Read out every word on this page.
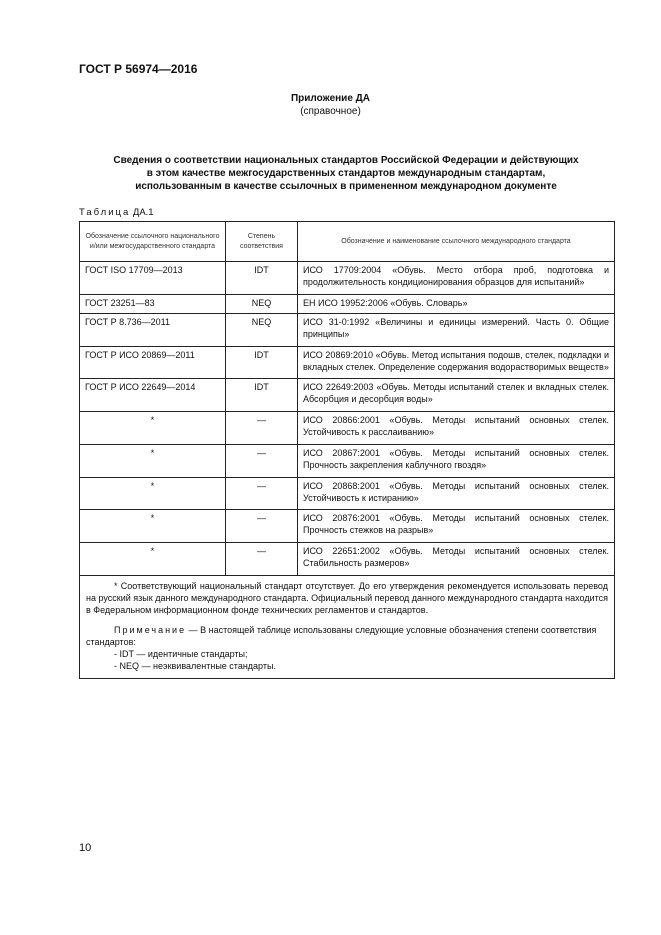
ГОСТ Р 56974—2016
Приложение ДА
(справочное)
Сведения о соответствии национальных стандартов Российской Федерации и действующих
в этом качестве межгосударственных стандартов международным стандартам,
использованным в качестве ссылочных в примененном международном документе
Таблица ДА.1
Обозначение ссылочного национального и/или межгосударственного стандарта	Степень соответствия	Обозначение и наименование ссылочного международного стандарта
ГОСТ ISO 17709—2013	IDT	ИСО 17709:2004 «Обувь. Место отбора проб, подготовка и продолжительность кондиционирования образцов для испытаний»
ГОСТ 23251—83	NEQ	ЕН ИСО 19952:2006 «Обувь. Словарь»
ГОСТ Р 8.736—2011	NEQ	ИСО 31-0:1992 «Величины и единицы измерений. Часть 0. Общие принципы»
ГОСТ Р ИСО 20869—2011	IDT	ИСО 20869:2010 «Обувь. Метод испытания подошв, стелек, подкладки и вкладных стелек. Определение содержания водорастворимых веществ»
ГОСТ Р ИСО 22649—2014	IDT	ИСО 22649:2003 «Обувь. Методы испытаний стелек и вкладных стелек. Абсорбция и десорбция воды»
*	—	ИСО 20866:2001 «Обувь. Методы испытаний основных стелек. Устойчивость к расслаиванию»
*	—	ИСО 20867:2001 «Обувь. Методы испытаний основных стелек. Прочность закрепления каблучного гвоздя»
*	—	ИСО 20868:2001 «Обувь. Методы испытаний основных стелек. Устойчивость к истиранию»
*	—	ИСО 20876:2001 «Обувь. Методы испытаний основных стелек. Прочность стежков на разрыв»
*	—	ИСО 22651:2002 «Обувь. Методы испытаний основных стелек. Стабильность размеров»

* Соответствующий национальный стандарт отсутствует. До его утверждения рекомендуется использовать перевод на русский язык данного международного стандарта. Официальный перевод данного международного стандарта находится в Федеральном информационном фонде технических регламентов и стандартов.

Примечание — В настоящей таблице использованы следующие условные обозначения степени соответствия стандартов:

- IDT — идентичные стандарты;

- NEQ — неэквивалентные стандарты.		

10
